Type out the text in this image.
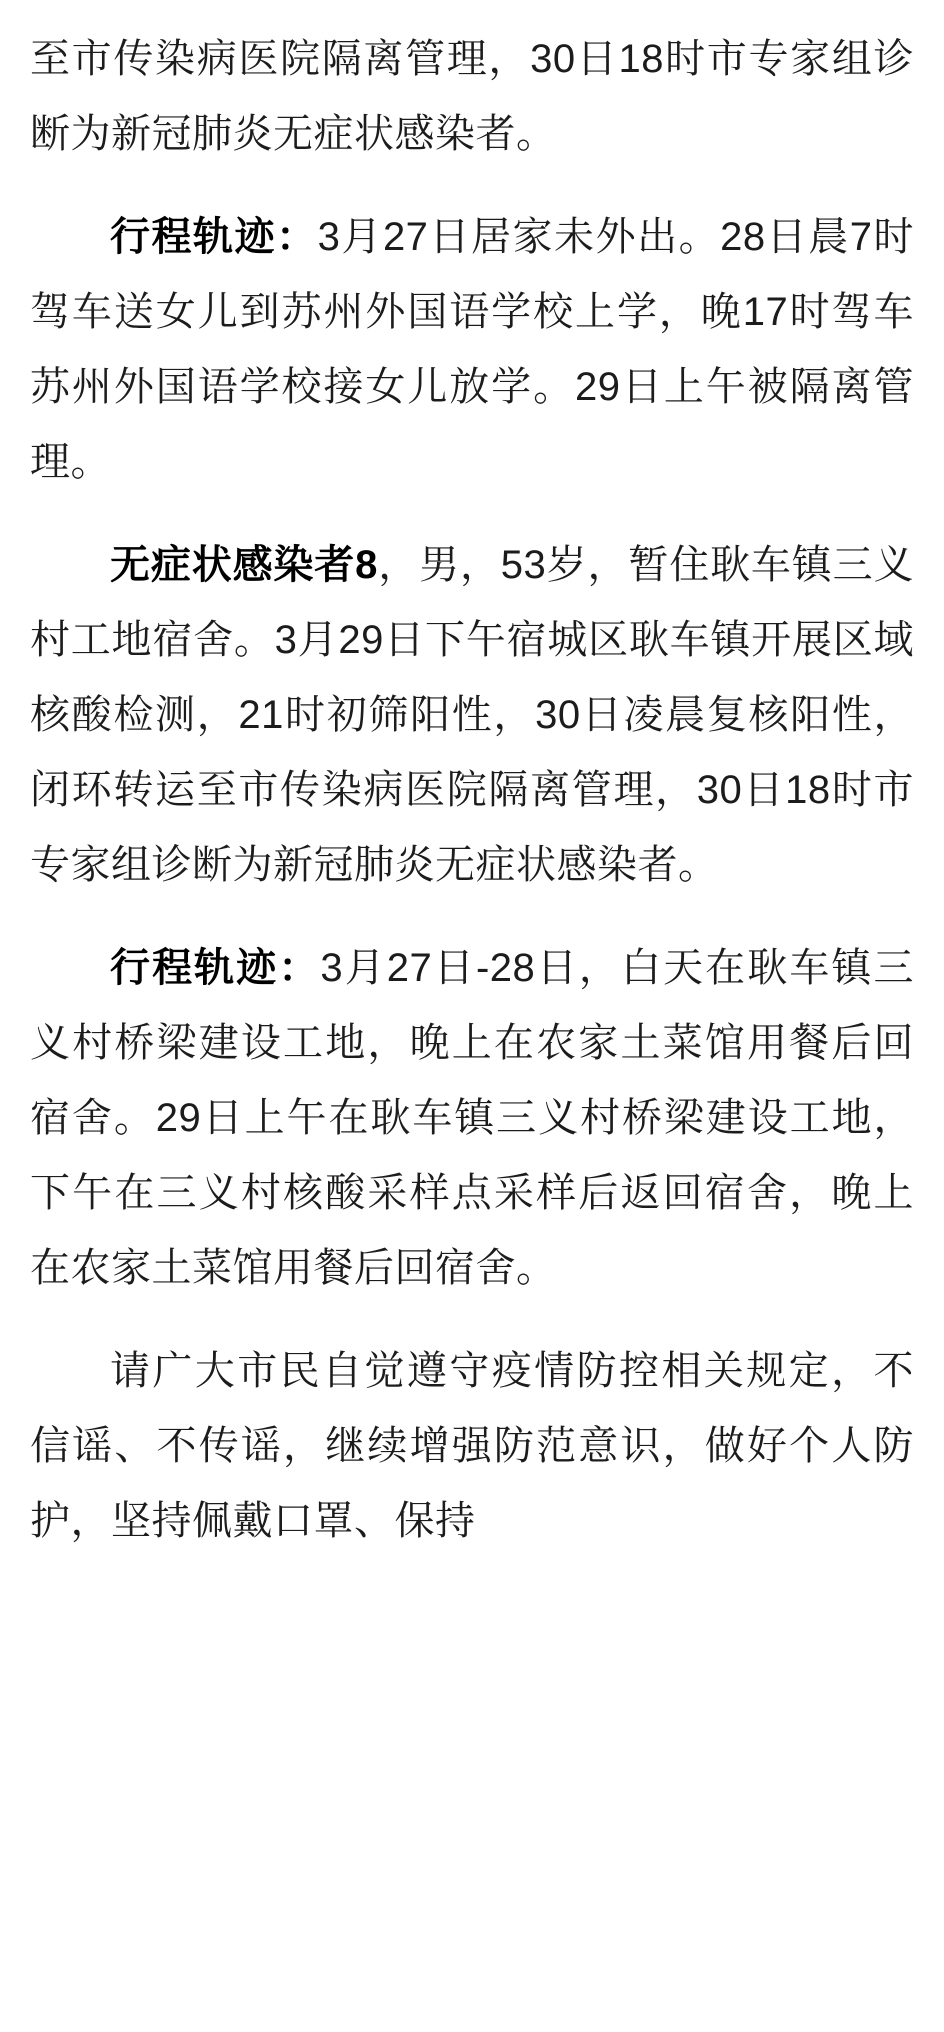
至市传染病医院隔离管理，30日18时市专家组诊断为新冠肺炎无症状感染者。

行程轨迹：3月27日居家未外出。28日晨7时驾车送女儿到苏州外国语学校上学，晚17时驾车苏州外国语学校接女儿放学。29日上午被隔离管理。

无症状感染者8，男，53岁，暂住耿车镇三义村工地宿舍。3月29日下午宿城区耿车镇开展区域核酸检测，21时初筛阳性，30日凌晨复核阳性，闭环转运至市传染病医院隔离管理，30日18时市专家组诊断为新冠肺炎无症状感染者。

行程轨迹：3月27日-28日，白天在耿车镇三义村桥梁建设工地，晚上在农家土菜馆用餐后回宿舍。29日上午在耿车镇三义村桥梁建设工地，下午在三义村核酸采样点采样后返回宿舍，晚上在农家土菜馆用餐后回宿舍。

请广大市民自觉遵守疫情防控相关规定，不信谣、不传谣，继续增强防范意识，做好个人防护，坚持佩戴口罩、保持
